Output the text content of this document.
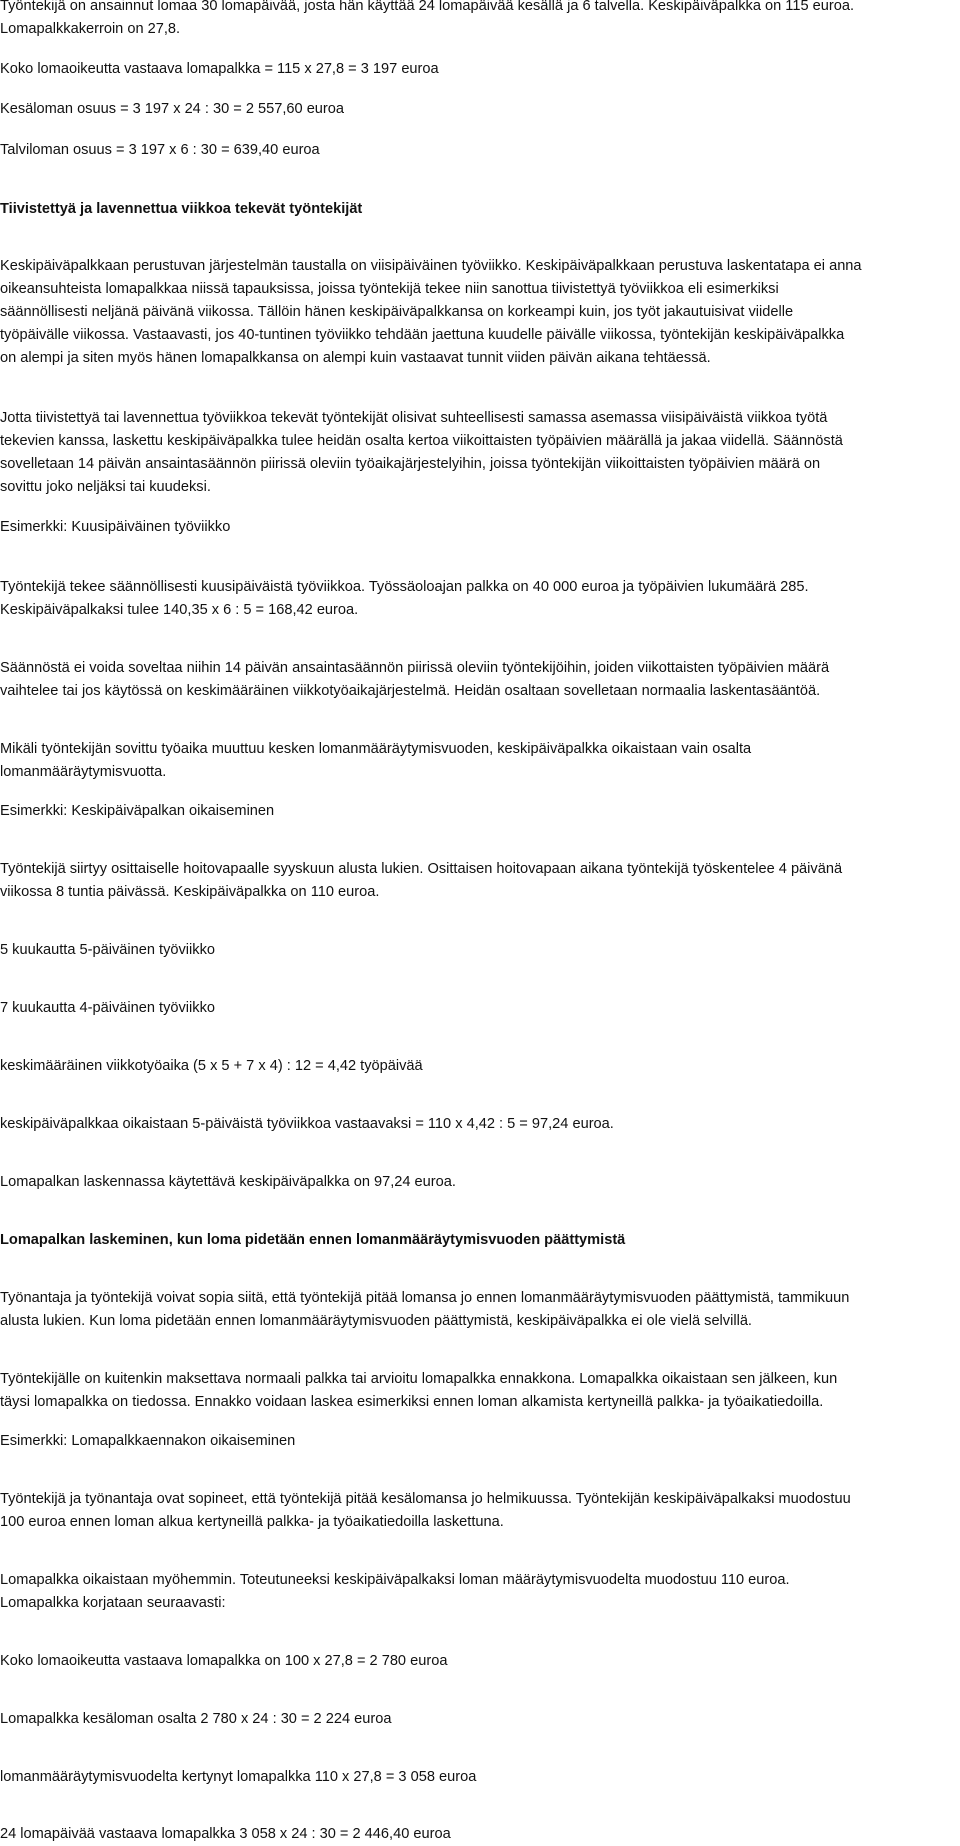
Työntekijä on ansainnut lomaa 30 lomapäivää, josta hän käyttää 24 lomapäivää kesällä ja 6 talvella. Keskipäiväpalkka on 115 euroa.

Lomapalkkakerroin on 27,8.

Koko lomaoikeutta vastaava lomapalkka = 115 x 27,8 = 3 197 euroa

Kesäloman osuus = 3 197 x 24 : 30 = 2 557,60 euroa

Talviloman osuus = 3 197 x 6 : 30 = 639,40 euroa

Tiivistettyä ja lavennettua viikkoa tekevät työntekijät

Keskipäiväpalkkaan perustuvan järjestelmän taustalla on viisipäiväinen työviikko. Keskipäiväpalkkaan perustuva laskentatapa ei anna

oikeansuhteista lomapalkkaa niissä tapauksissa, joissa työntekijä tekee niin sanottua tiivistettyä työviikkoa eli esimerkiksi

säännöllisesti neljänä päivänä viikossa. Tällöin hänen keskipäiväpalkkansa on korkeampi kuin, jos työt jakautuisivat viidelle

työpäivälle viikossa. Vastaavasti, jos 40-tuntinen työviikko tehdään jaettuna kuudelle päivälle viikossa, työntekijän keskipäiväpalkka

on alempi ja siten myös hänen lomapalkkansa on alempi kuin vastaavat tunnit viiden päivän aikana tehtäessä.

Jotta tiivistettyä tai lavennettua työviikkoa tekevät työntekijät olisivat suhteellisesti samassa asemassa viisipäiväistä viikkoa työtä

tekevien kanssa, laskettu keskipäiväpalkka tulee heidän osalta kertoa viikoittaisten työpäivien määrällä ja jakaa viidellä. Säännöstä

sovelletaan 14 päivän ansaintasäännön piirissä oleviin työaikajärjestelyihin, joissa työntekijän viikoittaisten työpäivien määrä on

sovittu joko neljäksi tai kuudeksi.

Esimerkki: Kuusipäiväinen työviikko

Työntekijä tekee säännöllisesti kuusipäiväistä työviikkoa. Työssäoloajan palkka on 40 000 euroa ja työpäivien lukumäärä 285.

Keskipäiväpalkaksi tulee 140,35 x 6 : 5 = 168,42 euroa.

Säännöstä ei voida soveltaa niihin 14 päivän ansaintasäännön piirissä oleviin työntekijöihin, joiden viikottaisten työpäivien määrä

vaihtelee tai jos käytössä on keskimääräinen viikkotyöaikajärjestelmä. Heidän osaltaan sovelletaan normaalia laskentasääntöä.

Mikäli työntekijän sovittu työaika muuttuu kesken lomanmääräytymisvuoden, keskipäiväpalkka oikaistaan vain osalta

lomanmääräytymisvuotta.

Esimerkki: Keskipäiväpalkan oikaiseminen

Työntekijä siirtyy osittaiselle hoitovapaalle syyskuun alusta lukien. Osittaisen hoitovapaan aikana työntekijä työskentelee 4 päivänä

viikossa 8 tuntia päivässä. Keskipäiväpalkka on 110 euroa.

5 kuukautta 5-päiväinen työviikko

7 kuukautta 4-päiväinen työviikko

keskimääräinen viikkotyöaika (5 x 5 + 7 x 4) : 12 = 4,42 työpäivää

keskipäiväpalkkaa oikaistaan 5-päiväistä työviikkoa vastaavaksi = 110 x 4,42 : 5 = 97,24 euroa.

Lomapalkan laskennassa käytettävä keskipäiväpalkka on 97,24 euroa.

Lomapalkan laskeminen, kun loma pidetään ennen lomanmääräytymisvuoden päättymistä

Työnantaja ja työntekijä voivat sopia siitä, että työntekijä pitää lomansa jo ennen lomanmääräytymisvuoden päättymistä, tammikuun

alusta lukien. Kun loma pidetään ennen lomanmääräytymisvuoden päättymistä, keskipäiväpalkka ei ole vielä selvillä.

Työntekijälle on kuitenkin maksettava normaali palkka tai arvioitu lomapalkka ennakkona. Lomapalkka oikaistaan sen jälkeen, kun

täysi lomapalkka on tiedossa. Ennakko voidaan laskea esimerkiksi ennen loman alkamista kertyneillä palkka- ja työaikatiedoilla.

Esimerkki: Lomapalkkaennakon oikaiseminen

Työntekijä ja työnantaja ovat sopineet, että työntekijä pitää kesälomansa jo helmikuussa. Työntekijän keskipäiväpalkaksi muodostuu

100 euroa ennen loman alkua kertyneillä palkka- ja työaikatiedoilla laskettuna.

Lomapalkka oikaistaan myöhemmin. Toteutuneeksi keskipäiväpalkaksi loman määräytymisvuodelta muodostuu 110 euroa.

Lomapalkka korjataan seuraavasti:

Koko lomaoikeutta vastaava lomapalkka on 100 x 27,8 = 2 780 euroa

Lomapalkka kesäloman osalta 2 780 x 24 : 30 = 2 224 euroa

lomanmääräytymisvuodelta kertynyt lomapalkka 110 x 27,8 = 3 058 euroa

24 lomapäivää vastaava lomapalkka 3 058 x 24 : 30 = 2 446,40 euroa
